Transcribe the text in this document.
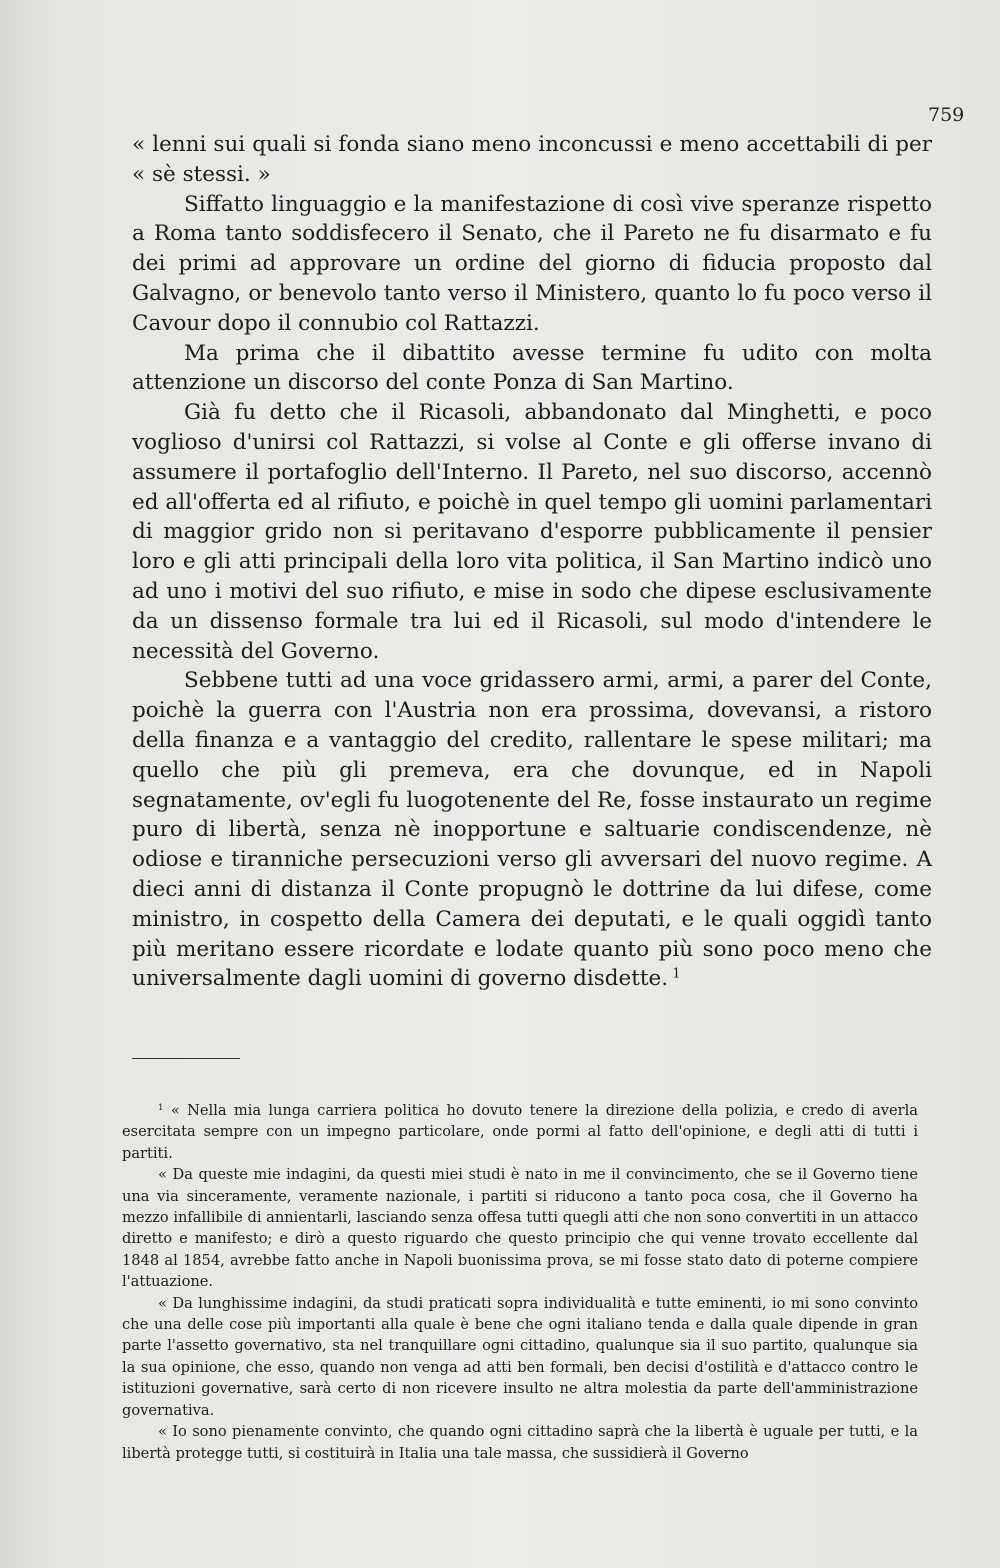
759

« lenni sui quali si fonda siano meno inconcussi e meno accettabili di per « sè stessi. »

Siffatto linguaggio e la manifestazione di così vive speranze rispetto a Roma tanto soddisfecero il Senato, che il Pareto ne fu disarmato e fu dei primi ad approvare un ordine del giorno di fiducia proposto dal Galvagno, or benevolo tanto verso il Ministero, quanto lo fu poco verso il Cavour dopo il connubio col Rattazzi.

Ma prima che il dibattito avesse termine fu udito con molta attenzione un discorso del conte Ponza di San Martino.

Già fu detto che il Ricasoli, abbandonato dal Minghetti, e poco voglioso d'unirsi col Rattazzi, si volse al Conte e gli offerse invano di assumere il portafoglio dell'Interno. Il Pareto, nel suo discorso, accennò ed all'offerta ed al rifiuto, e poichè in quel tempo gli uomini parlamentari di maggior grido non si peritavano d'esporre pubblicamente il pensier loro e gli atti principali della loro vita politica, il San Martino indicò uno ad uno i motivi del suo rifiuto, e mise in sodo che dipese esclusivamente da un dissenso formale tra lui ed il Ricasoli, sul modo d'intendere le necessità del Governo.

Sebbene tutti ad una voce gridassero armi, armi, a parer del Conte, poichè la guerra con l'Austria non era prossima, dovevansi, a ristoro della finanza e a vantaggio del credito, rallentare le spese militari; ma quello che più gli premeva, era che dovunque, ed in Napoli segnatamente, ov'egli fu luogotenente del Re, fosse instaurato un regime puro di libertà, senza nè inopportune e saltuarie condiscendenze, nè odiose e tiranniche persecuzioni verso gli avversari del nuovo regime. A dieci anni di distanza il Conte propugnò le dottrine da lui difese, come ministro, in cospetto della Camera dei deputati, e le quali oggidì tanto più meritano essere ricordate e lodate quanto più sono poco meno che universalmente dagli uomini di governo disdette.  $^1$

$^1$ « Nella mia lunga carriera politica ho dovuto tenere la direzione della polizia, e credo di averla esercitata sempre con un impegno particolare, onde pormi al fatto dell'opinione, e degli atti di tutti i partiti.

« Da queste mie indagini, da questi miei studi è nato in me il convincimento, che se il Governo tiene una via sinceramente, veramente nazionale, i partiti si riducono a tanto poca cosa, che il Governo ha mezzo infallibile di annientarli, lasciando senza offesa tutti quegli atti che non sono convertiti in un attacco diretto e manifesto; e dirò a questo riguardo che questo principio che qui venne trovato eccellente dal 1848 al 1854, avrebbe fatto anche in Napoli buonissima prova, se mi fosse stato dato di poterne compiere l'attuazione.

« Da lunghissime indagini, da studi praticati sopra individualità e tutte eminenti, io mi sono convinto che una delle cose più importanti alla quale è bene che ogni italiano tenda e dalla quale dipende in gran parte l'assetto governativo, sta nel tranquillare ogni cittadino, qualunque sia il suo partito, qualunque sia la sua opinione, che esso, quando non venga ad atti ben formali, ben decisi d'ostilità e d'attacco contro le istituzioni governative, sarà certo di non ricevere insulto ne altra molestia da parte dell'amministrazione governativa.

« Io sono pienamente convinto, che quando ogni cittadino saprà che la libertà è uguale per tutti, e la libertà protegge tutti, si costituirà in Italia una tale massa, che sussidierà il Governo
